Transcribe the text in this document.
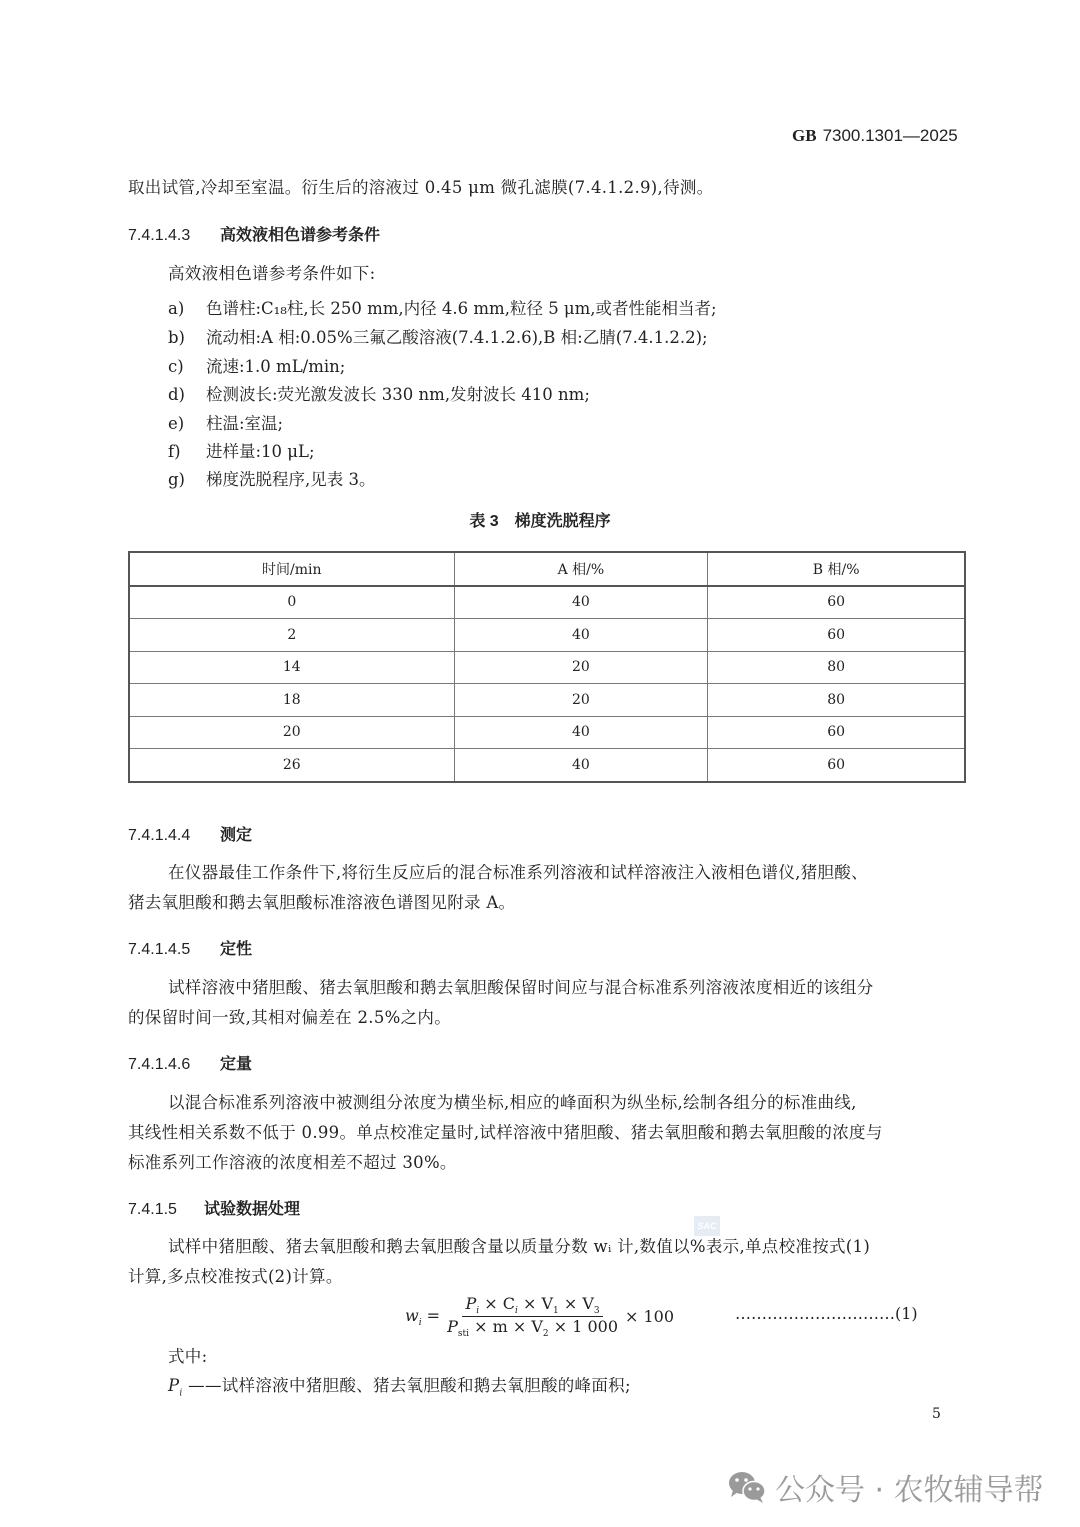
GB 7300.1301—2025
取出试管,冷却至室温。衍生后的溶液过 0.45 μm 微孔滤膜(7.4.1.2.9),待测。
7.4.1.4.3 高效液相色谱参考条件
高效液相色谱参考条件如下:
a) 色谱柱:C₁₈柱,长 250 mm,内径 4.6 mm,粒径 5 μm,或者性能相当者;
b) 流动相:A 相:0.05%三氟乙酸溶液(7.4.1.2.6),B 相:乙腈(7.4.1.2.2);
c) 流速:1.0 mL/min;
d) 检测波长:荧光激发波长 330 nm,发射波长 410 nm;
e) 柱温:室温;
f) 进样量:10 μL;
g) 梯度洗脱程序,见表 3。
表 3　梯度洗脱程序
时间/min	A 相/%	B 相/%
0	40	60
2	40	60
14	20	80
18	20	80
20	40	60
26	40	60
7.4.1.4.4 测定
在仪器最佳工作条件下,将衍生反应后的混合标准系列溶液和试样溶液注入液相色谱仪,猪胆酸、
猪去氧胆酸和鹅去氧胆酸标准溶液色谱图见附录 A。
7.4.1.4.5 定性
试样溶液中猪胆酸、猪去氧胆酸和鹅去氧胆酸保留时间应与混合标准系列溶液浓度相近的该组分
的保留时间一致,其相对偏差在 2.5%之内。
7.4.1.4.6 定量
以混合标准系列溶液中被测组分浓度为横坐标,相应的峰面积为纵坐标,绘制各组分的标准曲线,
其线性相关系数不低于 0.99。单点校准定量时,试样溶液中猪胆酸、猪去氧胆酸和鹅去氧胆酸的浓度与
标准系列工作溶液的浓度相差不超过 30%。
7.4.1.5 试验数据处理
SAC
试样中猪胆酸、猪去氧胆酸和鹅去氧胆酸含量以质量分数 wᵢ 计,数值以%表示,单点校准按式(1)
计算,多点校准按式(2)计算。
$w_i = \frac{P_i \times C_i \times V_1 \times V_3}{P_{sti} \times m \times V_2 \times 1 000} \times 100$	…………………………(1)
式中:
$P_i$ ——试样溶液中猪胆酸、猪去氧胆酸和鹅去氧胆酸的峰面积;
5
公众号 · 农牧辅导帮
